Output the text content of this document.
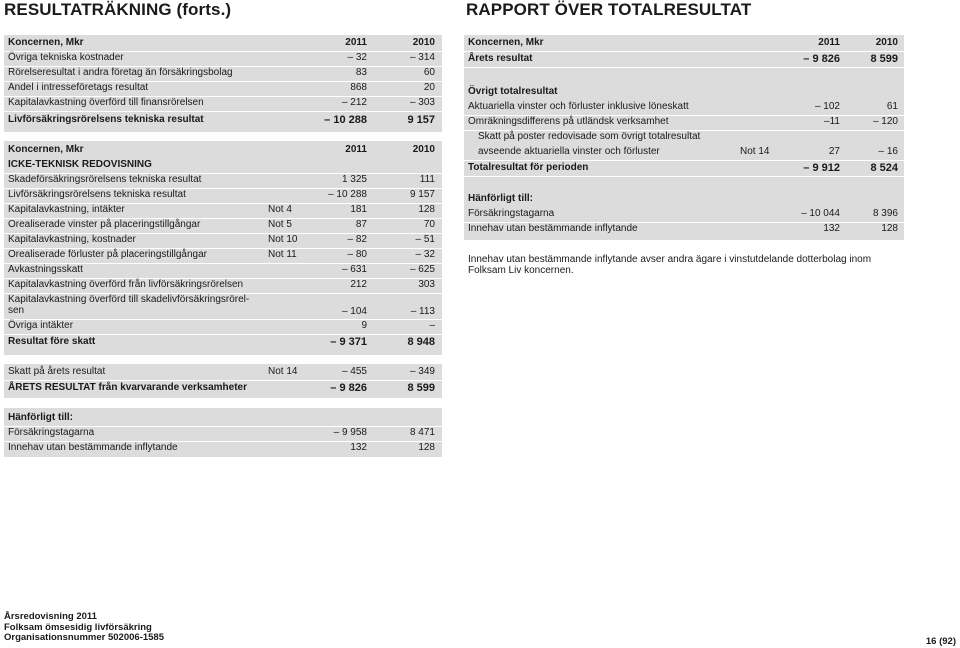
RESULTATRÄKNING (forts.)	RAPPORT ÖVER TOTALRESULTAT
Koncernen, Mkr	2011	2010
Övriga tekniska kostnader	– 32	– 314
Rörelseresultat i andra företag än försäkringsbolag	83	60
Andel i intresseföretags resultat	868	20
Kapitalavkastning överförd till finansrörelsen	– 212	– 303
Livförsäkringsrörelsens tekniska resultat	– 10 288	9 157
Koncernen, Mkr	2011	2010
ICKE-TEKNISK REDOVISNING
Skadeförsäkringsrörelsens tekniska resultat	1 325	111
Livförsäkringsrörelsens tekniska resultat	– 10 288	9 157
Kapitalavkastning, intäkter	Not 4	181	128
Orealiserade vinster på placeringstillgångar	Not 5	87	70
Kapitalavkastning, kostnader	Not 10	– 82	– 51
Orealiserade förluster på placeringstillgångar	Not 11	– 80	– 32
Avkastningsskatt	– 631	– 625
Kapitalavkastning överförd från livförsäkringsrörelsen	212	303
Kapitalavkastning överförd till skadelivförsäkringsrörel-sen	– 104	– 113
Övriga intäkter	9	–
Resultat före skatt	– 9 371	8 948
Skatt på årets resultat	Not 14	– 455	– 349
ÅRETS RESULTAT från kvarvarande verksamheter	– 9 826	8 599
Hänförligt till:
Försäkringstagarna	– 9 958	8 471
Innehav utan bestämmande inflytande	132	128
Koncernen, Mkr	2011	2010
Årets resultat	– 9 826	8 599
Övrigt totalresultat
Aktuariella vinster och förluster inklusive löneskatt	– 102	61
Omräkningsdifferens på utländsk verksamhet	–11	– 120
Skatt på poster redovisade som övrigt totalresultat
avseende aktuariella vinster och förluster	Not 14	27	– 16
Totalresultat för perioden	– 9 912	8 524
Hänförligt till:
Försäkringstagarna	– 10 044	8 396
Innehav utan bestämmande inflytande	132	128
Innehav utan bestämmande inflytande avser andra ägare i vinstutdelande dotterbolag inom Folksam Liv koncernen.
Årsredovisning 2011
Folksam ömsesidig livförsäkring
Organisationsnummer 502006-1585	16 (92)
